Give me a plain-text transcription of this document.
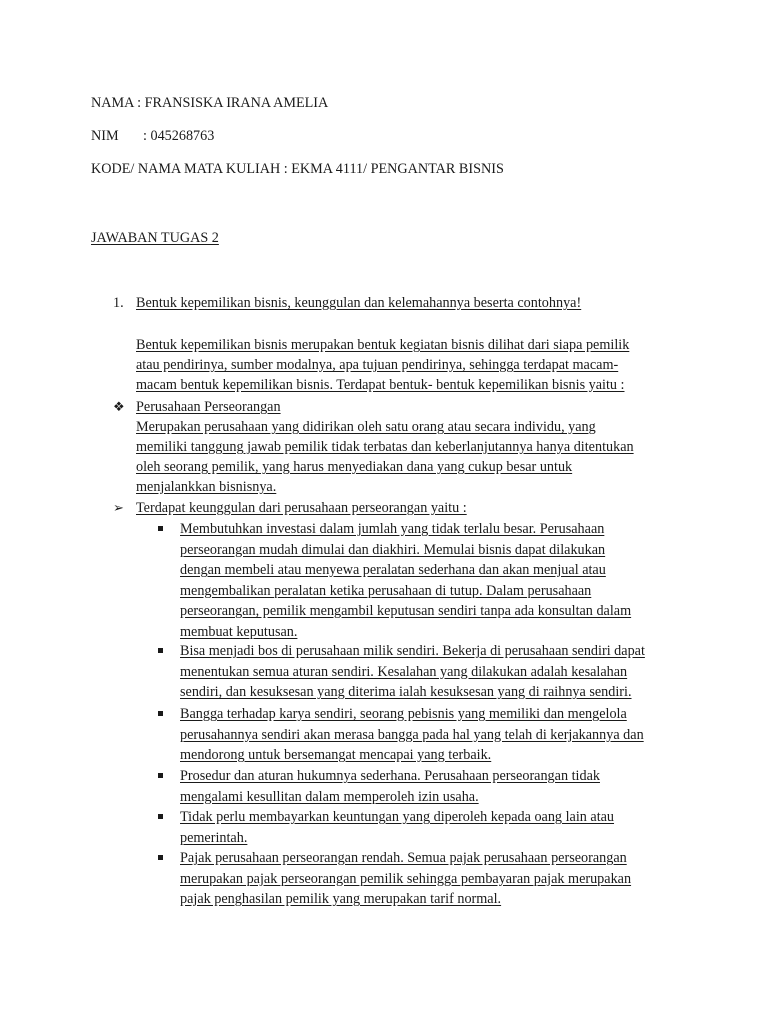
NAMA : FRANSISKA IRANA AMELIA
NIM : 045268763
KODE/ NAMA MATA KULIAH : EKMA 4111/ PENGANTAR BISNIS
JAWABAN TUGAS 2
1. Bentuk kepemilikan bisnis, keunggulan dan kelemahannya beserta contohnya!
Bentuk kepemilikan bisnis merupakan bentuk kegiatan bisnis dilihat dari siapa pemilik
atau pendirinya, sumber modalnya, apa tujuan pendirinya, sehingga terdapat macam-
macam bentuk kepemilikan bisnis. Terdapat bentuk- bentuk kepemilikan bisnis yaitu :
❖ Perusahaan Perseorangan
Merupakan perusahaan yang didirikan oleh satu orang atau secara individu, yang
memiliki tanggung jawab pemilik tidak terbatas dan keberlanjutannya hanya ditentukan
oleh seorang pemilik, yang harus menyediakan dana yang cukup besar untuk
menjalankkan bisnisnya.
➢ Terdapat keunggulan dari perusahaan perseorangan yaitu :
Membutuhkan investasi dalam jumlah yang tidak terlalu besar. Perusahaan
perseorangan mudah dimulai dan diakhiri. Memulai bisnis dapat dilakukan
dengan membeli atau menyewa peralatan sederhana dan akan menjual atau
mengembalikan peralatan ketika perusahaan di tutup. Dalam perusahaan
perseorangan, pemilik mengambil keputusan sendiri tanpa ada konsultan dalam
membuat keputusan.
Bisa menjadi bos di perusahaan milik sendiri. Bekerja di perusahaan sendiri dapat
menentukan semua aturan sendiri. Kesalahan yang dilakukan adalah kesalahan
sendiri, dan kesuksesan yang diterima ialah kesuksesan yang di raihnya sendiri.
Bangga terhadap karya sendiri, seorang pebisnis yang memiliki dan mengelola
perusahannya sendiri akan merasa bangga pada hal yang telah di kerjakannya dan
mendorong untuk bersemangat mencapai yang terbaik.
Prosedur dan aturan hukumnya sederhana. Perusahaan perseorangan tidak
mengalami kesullitan dalam memperoleh izin usaha.
Tidak perlu membayarkan keuntungan yang diperoleh kepada oang lain atau
pemerintah.
Pajak perusahaan perseorangan rendah. Semua pajak perusahaan perseorangan
merupakan pajak perseorangan pemilik sehingga pembayaran pajak merupakan
pajak penghasilan pemilik yang merupakan tarif normal.
